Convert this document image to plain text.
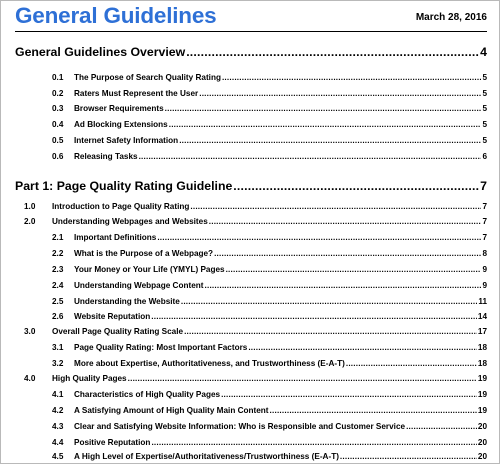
General Guidelines	March 28, 2016
General Guidelines Overview .....	4
0.1	The Purpose of Search Quality Rating .....	5
0.2	Raters Must Represent the User .....	5
0.3	Browser Requirements .....	5
0.4	Ad Blocking Extensions .....	5
0.5	Internet Safety Information .....	5
0.6	Releasing Tasks .....	6
Part 1: Page Quality Rating Guideline .....	7
1.0	Introduction to Page Quality Rating .....	7
2.0	Understanding Webpages and Websites .....	7
2.1	Important Definitions .....	7
2.2	What is the Purpose of a Webpage? .....	8
2.3	Your Money or Your Life (YMYL) Pages .....	9
2.4	Understanding Webpage Content .....	9
2.5	Understanding the Website .....	11
2.6	Website Reputation .....	14
3.0	Overall Page Quality Rating Scale .....	17
3.1	Page Quality Rating: Most Important Factors .....	18
3.2	More about Expertise, Authoritativeness, and Trustworthiness (E-A-T) .....	18
4.0	High Quality Pages .....	19
4.1	Characteristics of High Quality Pages .....	19
4.2	A Satisfying Amount of High Quality Main Content .....	19
4.3	Clear and Satisfying Website Information: Who is Responsible and Customer Service .....	20
4.4	Positive Reputation .....	20
4.5	A High Level of Expertise/Authoritativeness/Trustworthiness (E-A-T) .....	20
